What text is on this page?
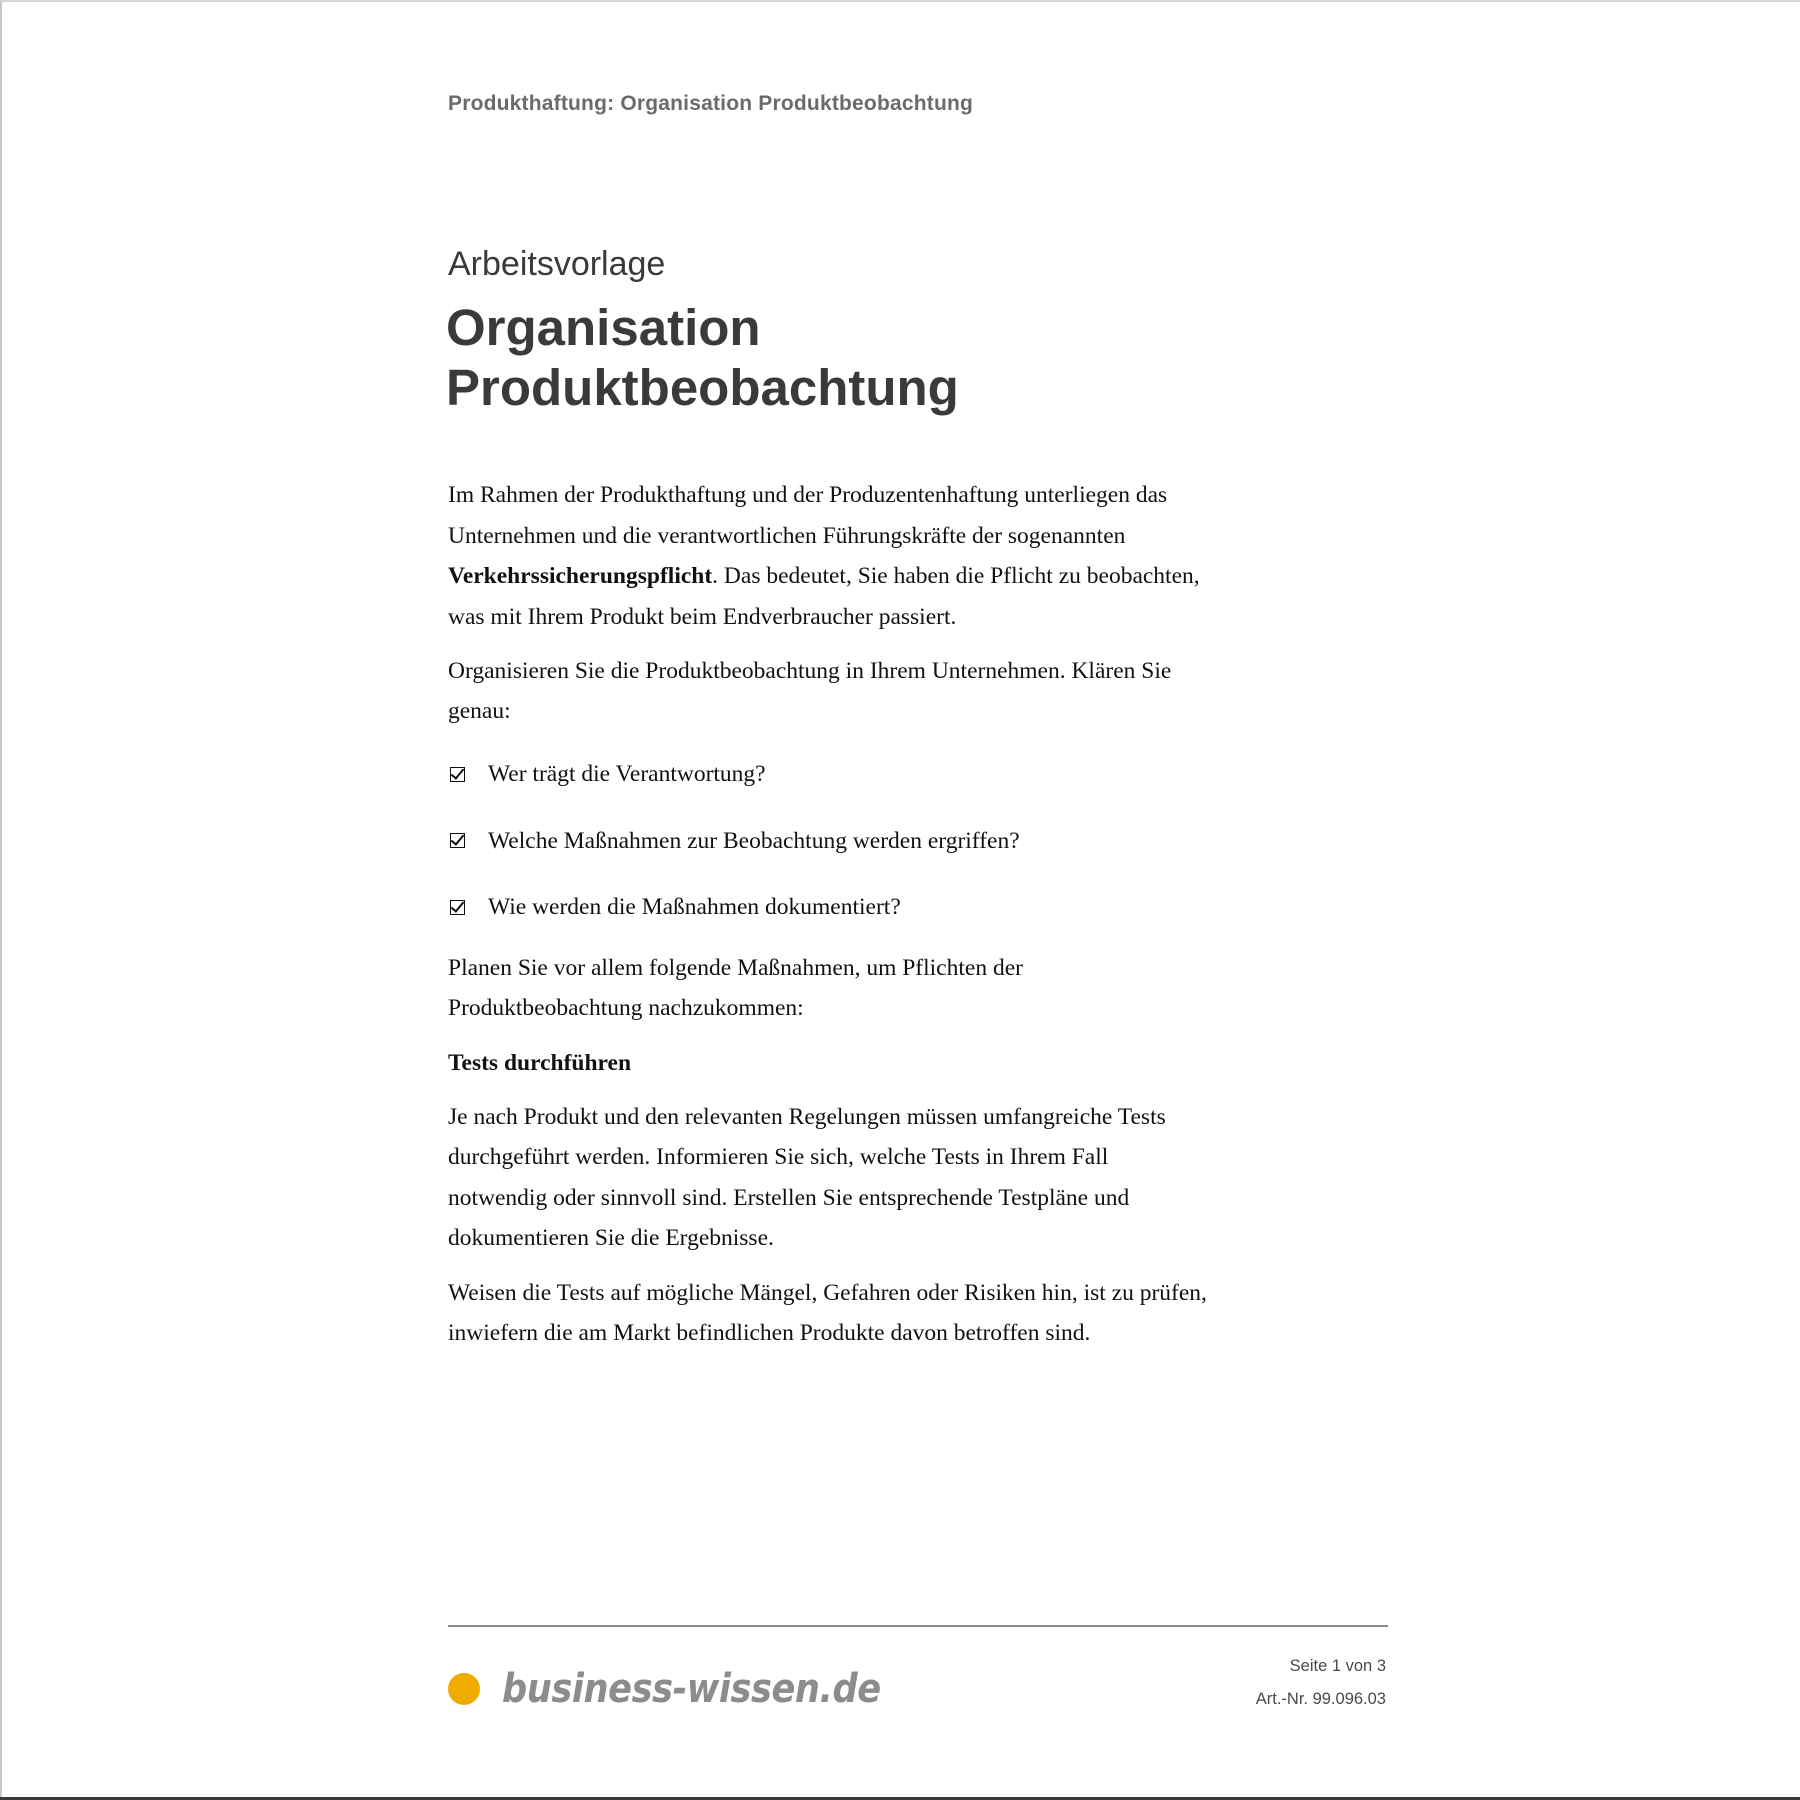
Produkthaftung: Organisation Produktbeobachtung
Arbeitsvorlage
Organisation
Produktbeobachtung

Im Rahmen der Produkthaftung und der Produzentenhaftung unterliegen das Unternehmen und die verantwortlichen Führungskräfte der sogenannten Verkehrssicherungspflicht. Das bedeutet, Sie haben die Pflicht zu beobachten, was mit Ihrem Produkt beim Endverbraucher passiert.

Organisieren Sie die Produktbeobachtung in Ihrem Unternehmen. Klären Sie genau:

Wer trägt die Verantwortung?
Welche Maßnahmen zur Beobachtung werden ergriffen?
Wie werden die Maßnahmen dokumentiert?

Planen Sie vor allem folgende Maßnahmen, um Pflichten der Produktbeobachtung nachzukommen:

Tests durchführen

Je nach Produkt und den relevanten Regelungen müssen umfangreiche Tests durchgeführt werden. Informieren Sie sich, welche Tests in Ihrem Fall notwendig oder sinnvoll sind. Erstellen Sie entsprechende Testpläne und dokumentieren Sie die Ergebnisse.

Weisen die Tests auf mögliche Mängel, Gefahren oder Risiken hin, ist zu prüfen, inwiefern die am Markt befindlichen Produkte davon betroffen sind.

business-wissen.de	Seite 1 von 3
Art.-Nr. 99.096.03
